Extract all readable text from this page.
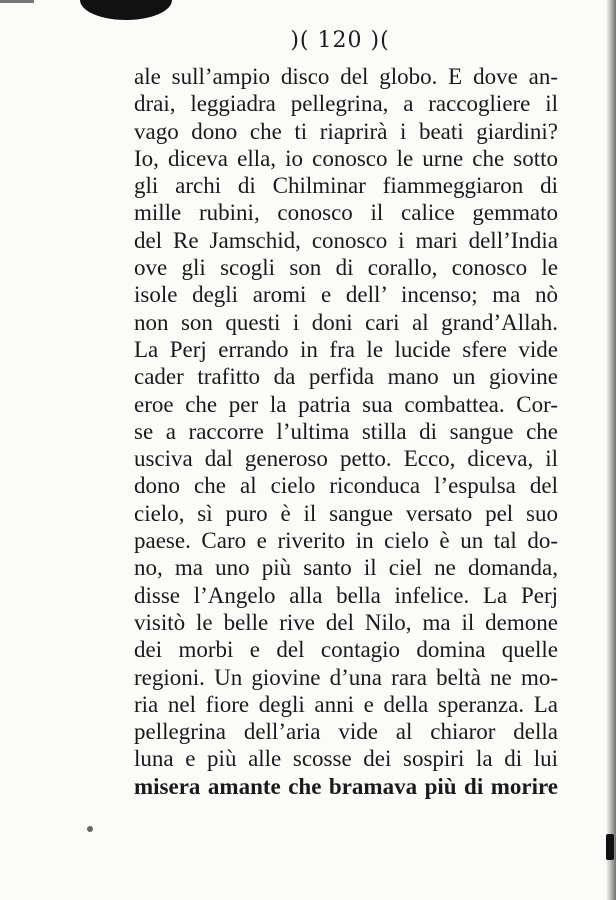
)( 120 )(
ale sull’ampio disco del globo. E dove an-
drai, leggiadra pellegrina, a raccogliere il
vago dono che ti riaprirà i beati giardini?
Io, diceva ella, io conosco le urne che sotto
gli archi di Chilminar fiammeggiaron di
mille rubini, conosco il calice gemmato
del Re Jamschid, conosco i mari dell’India
ove gli scogli son di corallo, conosco le
isole degli aromi e dell’ incenso; ma nò
non son questi i doni cari al grand’Allah.
La Perj errando in fra le lucide sfere vide
cader trafitto da perfida mano un giovine
eroe che per la patria sua combattea. Cor-
se a raccorre l’ultima stilla di sangue che
usciva dal generoso petto. Ecco, diceva, il
dono che al cielo riconduca l’espulsa del
cielo, sì puro è il sangue versato pel suo
paese. Caro e riverito in cielo è un tal do-
no, ma uno più santo il ciel ne domanda,
disse l’Angelo alla bella infelice. La Perj
visitò le belle rive del Nilo, ma il demone
dei morbi e del contagio domina quelle
regioni. Un giovine d’una rara beltà ne mo-
ria nel fiore degli anni e della speranza. La
pellegrina dell’aria vide al chiaror della
luna e più alle scosse dei sospiri la di lui
misera amante che bramava più di morire
